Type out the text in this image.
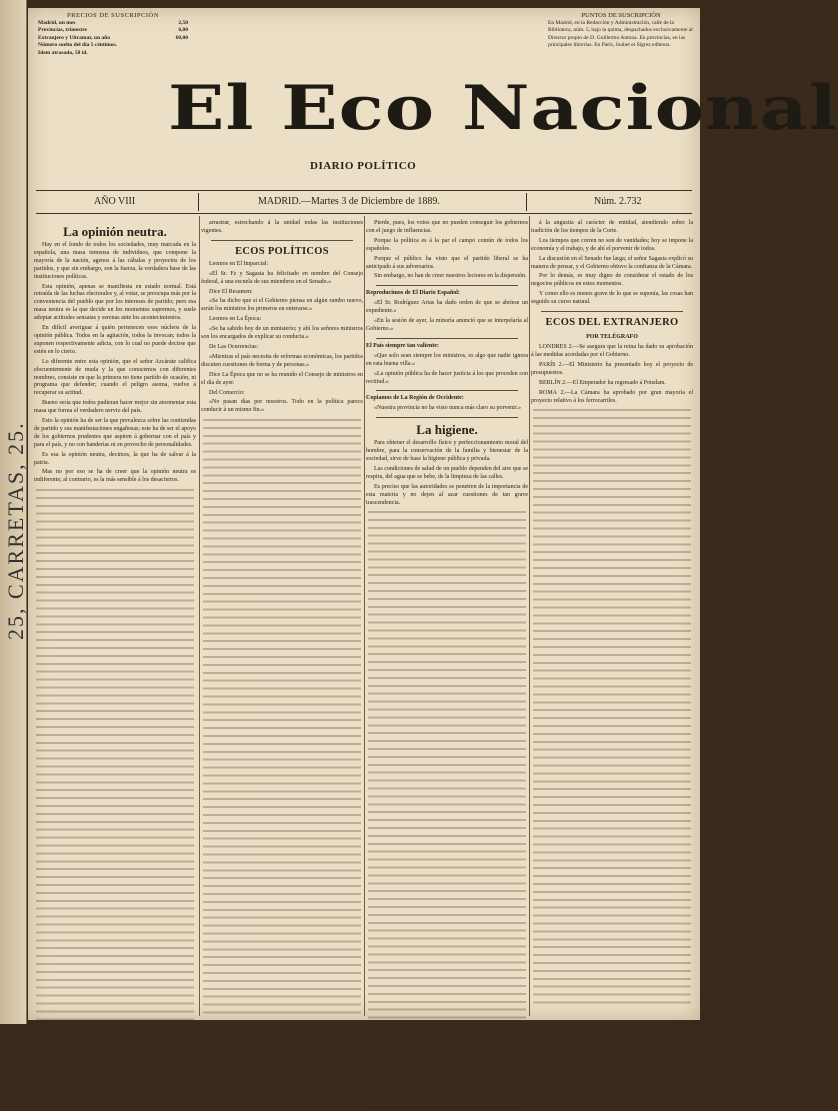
25, CARRETAS, 25.
PRECIOS DE SUSCRIPCIÓN
Madrid, un mes	2,50
Provincias, trimestre	6,00
Extranjero y Ultramar, un año	60,00
Número suelto del día 5 céntimos.
Idem atrasado, 50 íd.
El Eco Nacional
DIARIO POLÍTICO
PUNTOS DE SUSCRIPCIÓN
En Madrid, en la Redacción y Administración, calle de la Biblioteca, núm. 5, bajo la quinta, despachados exclusivamente al Director propio de D. Guillermo Antona. En provincias, en las principales librerías. En París, Jouhet et Sigrez editeurs.
AÑO VIII	MADRID.—Martes 3 de Diciembre de 1889.	Núm. 2.732
La opinión neutra.

Hay en el fondo de todos los sociedades, muy marcada en la española, una masa inmensa de individuos, que compone la mayoría de la nación, agenos á las cábalas y proyectos de los partidos, y que sin embargo, son la fuerza, la verdadera base de las instituciones políticas.

Esta opinión, apenas se manifiesta en estado normal. Está retraída de las luchas electorales y, al votar, se preocupa más por la conveniencia del pueblo que por los intereses de partido; pero esa masa neutra es la que decide en los momentos supremos, y suele adoptar actitudes sensatas y serenas ante los acontecimientos.

En difícil averiguar á quién pertenecen esos núcleos de la opinión pública. Todos en la agitación, todos la invocan; todos la suponen respectivamente adicta, con lo cual no puede decirse que estén en lo cierto.

Lo diferente entre esta opinión, que el señor Azcárate califica elocuentemente de muda y la que conocemos con diferentes nombres, consiste en que la primera no tiene partido de ocasión, ni programa que defender; cuando el peligro asoma, vuelve á recuperar su actitud.

Bueno sería que todos pudieran hacer mejor sin atormentar esta masa que forma el verdadero nervio del país.

Esto la opinión ha de ser la que prevalezca sobre las contiendas de partido y sus manifestaciones engañosas; este ha de ser el apoyo de los gobiernos prudentes que aspiren á gobernar con el país y para el país, y no con banderías ni en provecho de personalidades.

Es esa la opinión neutra, decimos, la que ha de salvar á la patria.

Mas no por eso se ha de creer que la opinión neutra es indiferente; al contrario, es la más sensible á los desaciertos.

arrastrar, estrechando á la unidad todas las instituciones vigentes.

ECOS POLÍTICOS

Leemos en El Imparcial:

«El Sr. Fz y Sagasta ha felicitado en nombre del Consejo federal, á una escuela de sus miembros en el Senado.»

Dice El Resumen:

«Se ha dicho que si el Gobierno piensa en algún rumbo nuevo, serán los ministros los primeros en enterarse.»

Leemos en La Época:

«Se ha sabido hoy de un ministerio; y ahí los señores ministros son los encargados de explicar su conducta.»

De Las Ocurrencias:

«Mientras el país necesita de reformas económicas, los partidos discuten cuestiones de forma y de personas.»

Dice La Época que no se ha reunido el Consejo de ministros en el día de ayer.

Del Comercio:

«No pasan días por nosotros. Todo en la política parece conducir á un mismo fin.»

Pierde, pues, los votos que no pueden conseguir los gobiernos con el juego de influencias.

Porque la política es á la par el campo común de todos los españoles.

Porque el público ha visto que el partido liberal se ha anticipado á sus adversarios.

Sin embargo, no han de creer nuestros lectores en la dispersión.

Reproducimos de El Diario Español:

«El Sr. Rodríguez Arias ha dado orden de que se abriese un expediente.»

«En la sesión de ayer, la minoría anunció que se interpelaría al Gobierno.»

El País siempre tan valiente:

«Que solo sean siempre los ministros, es algo que nadie ignora en esta buena villa.»

«La opinión pública ha de hacer justicia á los que proceden con rectitud.»

Copiamos de La Región de Occidente:

«Nuestra provincia no ha visto nunca más claro su porvenir.»

La higiene.

Para obtener el desarrollo físico y perfeccionamiento moral del hombre, para la conservación de la familia y bienestar de la sociedad, sirve de base la higiene pública y privada.

Las condiciones de salud de un pueblo dependen del aire que se respira, del agua que se bebe, de la limpieza de las calles.

Es preciso que las autoridades se penetren de la importancia de esta materia y no dejen al azar cuestiones de tan grave trascendencia.

á la angustia al carácter de entidad, atendiendo sobre la tradición de los tiempos de la Corte.

Los tiempos que corren no son de vanidades; hoy se impone la economía y el trabajo, y de ahí el porvenir de todos.

La discusión en el Senado fue larga; el señor Sagasta explicó su manera de pensar, y el Gobierno obtuvo la confianza de la Cámara.

Por lo demás, es muy digno de considerar el estado de los negocios públicos en estos momentos.

Y como ello es menos grave de lo que se suponía, las cosas han seguido su curso natural.

ECOS DEL EXTRANJERO
POR TELÉGRAFO

LONDRES 2.—Se asegura que la reina ha dado su aprobación á las medidas acordadas por el Gobierno.

PARÍS 2.—El Ministerio ha presentado hoy el proyecto de presupuestos.

BERLÍN 2.—El Emperador ha regresado á Potsdam.

ROMA 2.—La Cámara ha aprobado por gran mayoría el proyecto relativo á los ferrocarriles.
